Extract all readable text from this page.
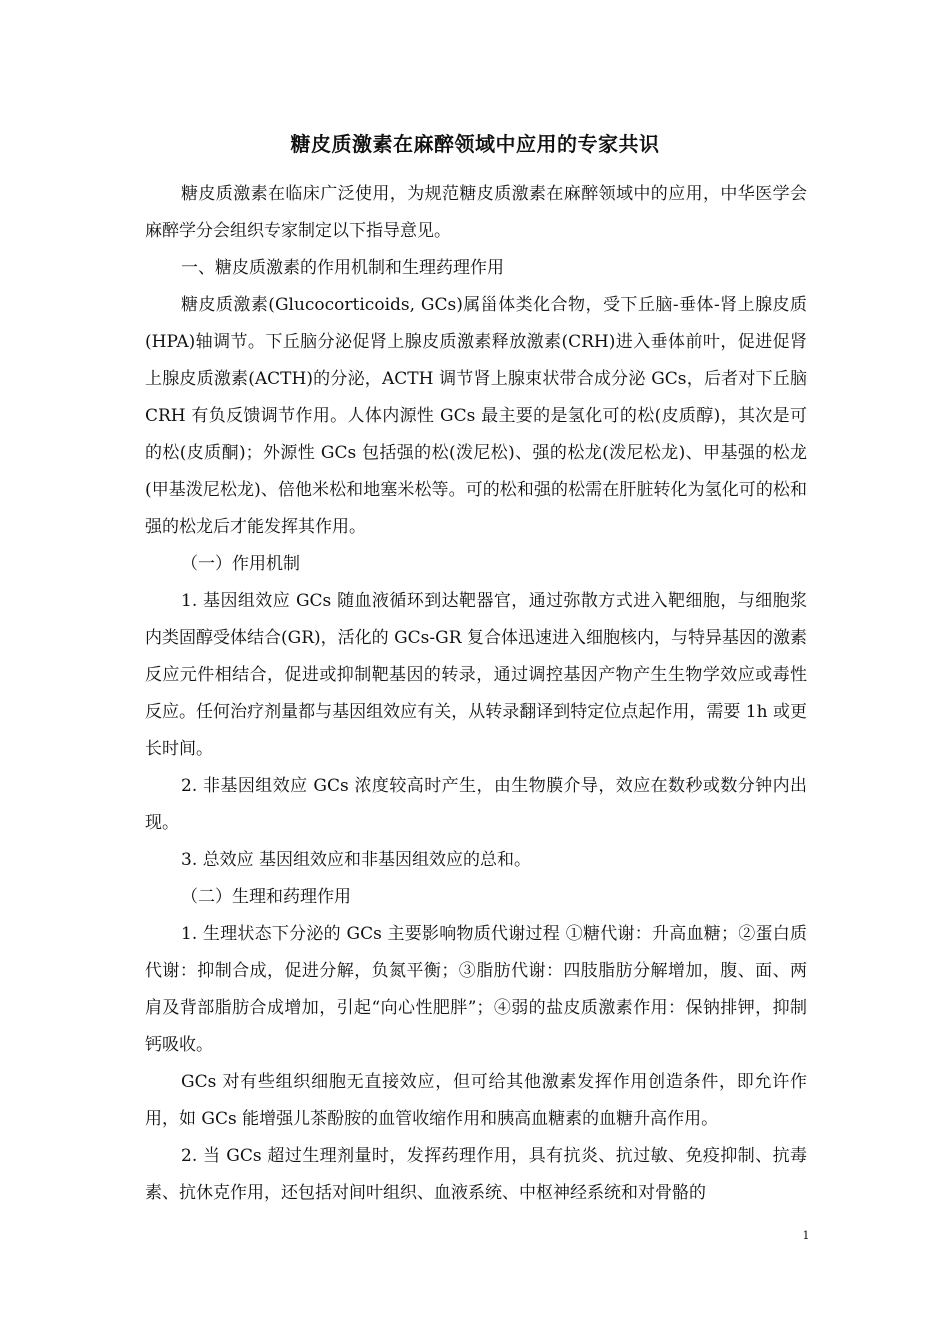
糖皮质激素在麻醉领域中应用的专家共识

糖皮质激素在临床广泛使用，为规范糖皮质激素在麻醉领域中的应用，中华医学会麻醉学分会组织专家制定以下指导意见。

一、糖皮质激素的作用机制和生理药理作用

糖皮质激素(Glucocorticoids, GCs)属甾体类化合物，受下丘脑-垂体-肾上腺皮质(HPA)轴调节。下丘脑分泌促肾上腺皮质激素释放激素(CRH)进入垂体前叶，促进促肾上腺皮质激素(ACTH)的分泌，ACTH 调节肾上腺束状带合成分泌 GCs，后者对下丘脑 CRH 有负反馈调节作用。人体内源性 GCs 最主要的是氢化可的松(皮质醇)，其次是可的松(皮质酮)；外源性 GCs 包括强的松(泼尼松)、强的松龙(泼尼松龙)、甲基强的松龙(甲基泼尼松龙)、倍他米松和地塞米松等。可的松和强的松需在肝脏转化为氢化可的松和强的松龙后才能发挥其作用。

（一）作用机制

1. 基因组效应 GCs 随血液循环到达靶器官，通过弥散方式进入靶细胞，与细胞浆内类固醇受体结合(GR)，活化的 GCs-GR 复合体迅速进入细胞核内，与特异基因的激素反应元件相结合，促进或抑制靶基因的转录，通过调控基因产物产生生物学效应或毒性反应。任何治疗剂量都与基因组效应有关，从转录翻译到特定位点起作用，需要 1h 或更长时间。

2. 非基因组效应 GCs 浓度较高时产生，由生物膜介导，效应在数秒或数分钟内出现。

3. 总效应 基因组效应和非基因组效应的总和。

（二）生理和药理作用

1. 生理状态下分泌的 GCs 主要影响物质代谢过程 ①糖代谢：升高血糖；②蛋白质代谢：抑制合成，促进分解，负氮平衡；③脂肪代谢：四肢脂肪分解增加，腹、面、两肩及背部脂肪合成增加，引起“向心性肥胖”；④弱的盐皮质激素作用：保钠排钾，抑制钙吸收。

GCs 对有些组织细胞无直接效应，但可给其他激素发挥作用创造条件，即允许作用，如 GCs 能增强儿茶酚胺的血管收缩作用和胰高血糖素的血糖升高作用。

2. 当 GCs 超过生理剂量时，发挥药理作用，具有抗炎、抗过敏、免疫抑制、抗毒素、抗休克作用，还包括对间叶组织、血液系统、中枢神经系统和对骨骼的

1
